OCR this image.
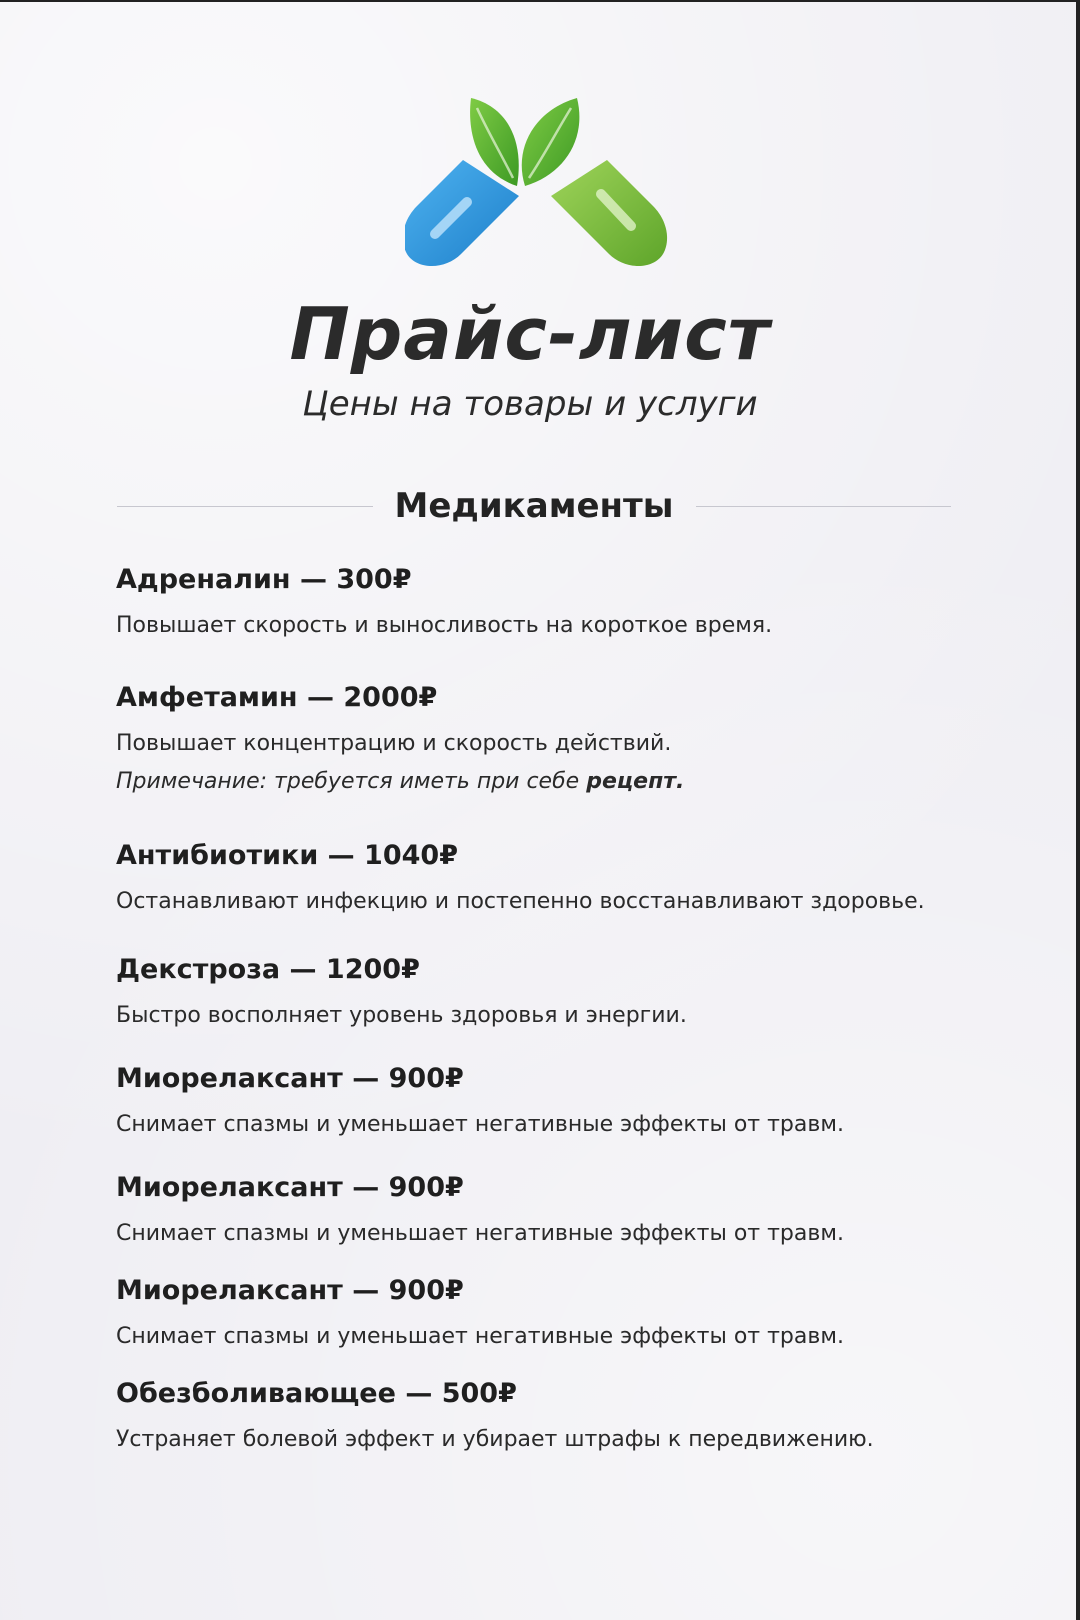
Прайс-лист
Цены на товары и услуги
Медикаменты
Адреналин — 300₽
Повышает скорость и выносливость на короткое время.
Амфетамин — 2000₽
Повышает концентрацию и скорость действий.
Примечание: требуется иметь при себе рецепт.
Антибиотики — 1040₽
Останавливают инфекцию и постепенно восстанавливают здоровье.
Декстроза — 1200₽
Быстро восполняет уровень здоровья и энергии.
Миорелаксант — 900₽
Снимает спазмы и уменьшает негативные эффекты от травм.
Миорелаксант — 900₽
Снимает спазмы и уменьшает негативные эффекты от травм.
Миорелаксант — 900₽
Снимает спазмы и уменьшает негативные эффекты от травм.
Обезболивающее — 500₽
Устраняет болевой эффект и убирает штрафы к передвижению.
